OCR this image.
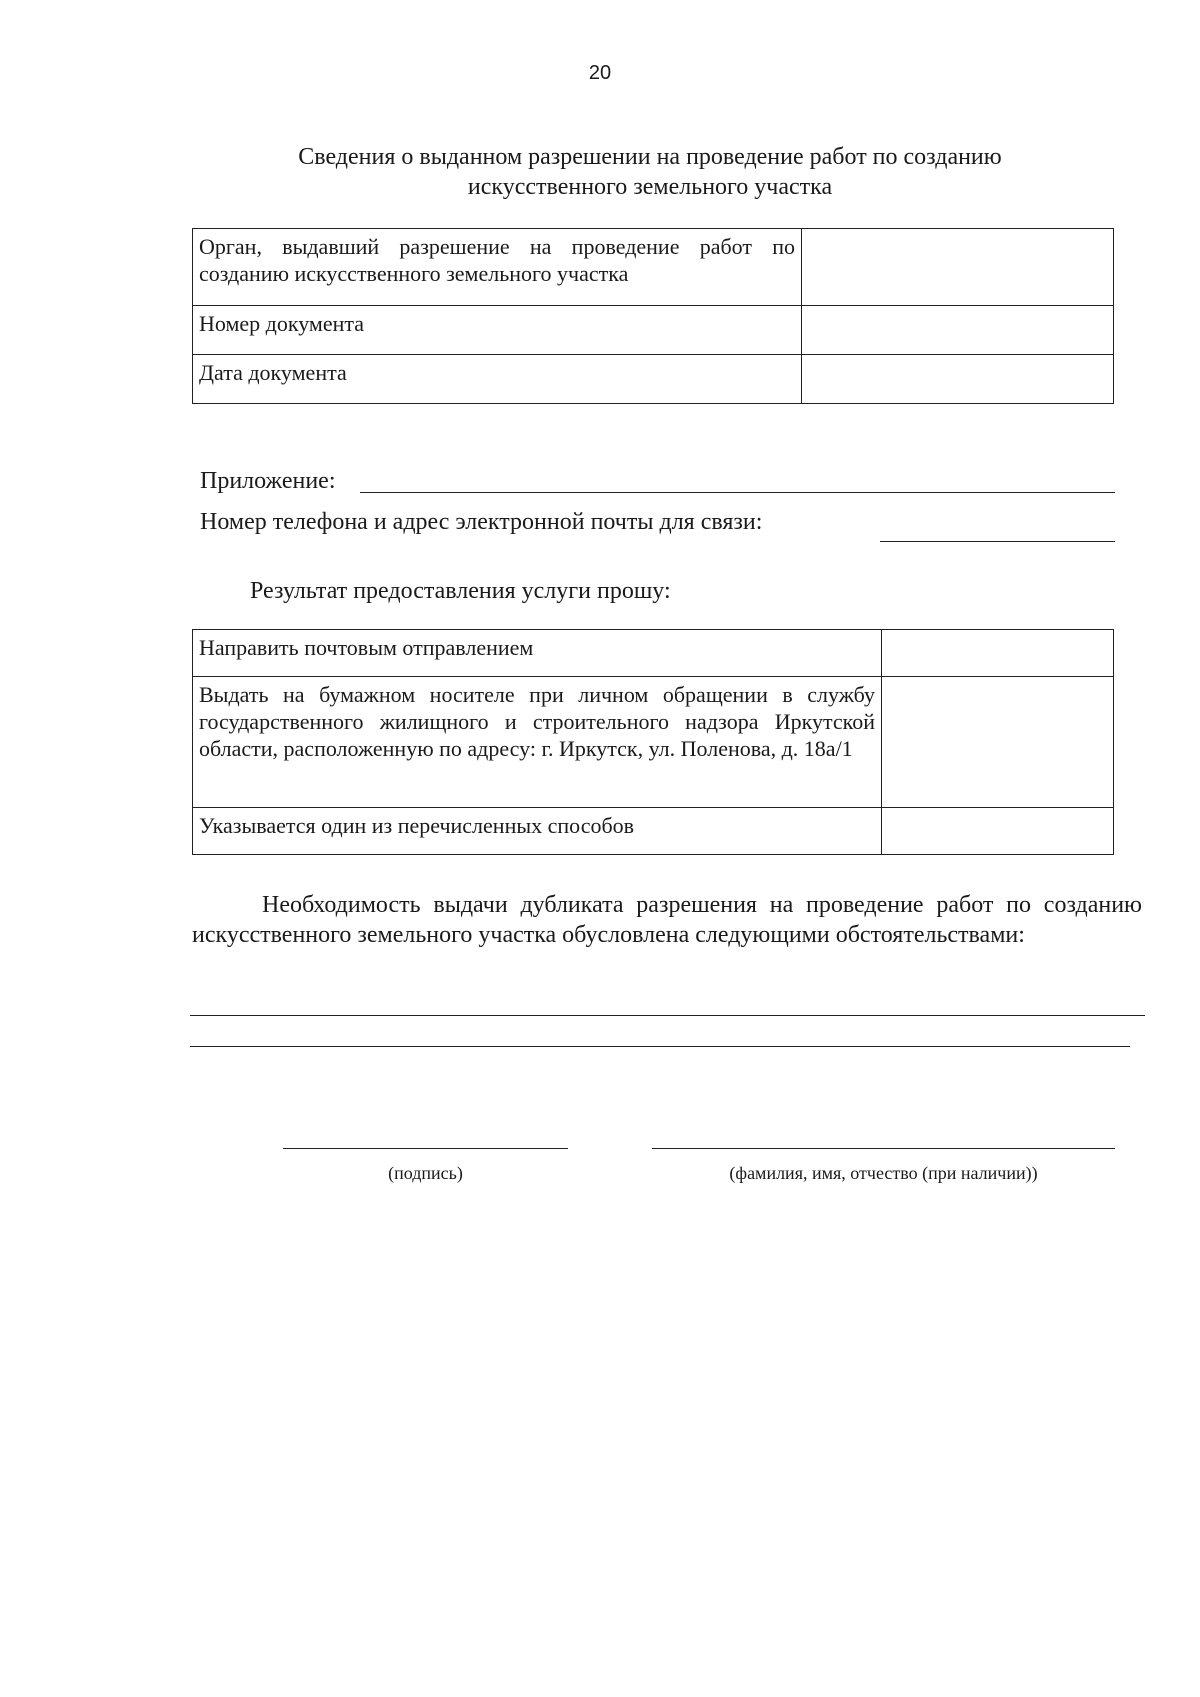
20
Сведения о выданном разрешении на проведение работ по созданию
искусственного земельного участка
Орган, выдавший разрешение на проведение работ по созданию искусственного земельного участка	
Номер документа	
Дата документа	
Приложение:
Номер телефона и адрес электронной почты для связи:
Результат предоставления услуги прошу:
Направить почтовым отправлением	
Выдать на бумажном носителе при личном обращении в службу государственного жилищного и строительного надзора Иркутской области, расположенную по адресу: г. Иркутск, ул. Поленова, д. 18а/1	
Указывается один из перечисленных способов	
Необходимость выдачи дубликата разрешения на проведение работ по созданию искусственного земельного участка обусловлена следующими обстоятельствами:
(подпись)	(фамилия, имя, отчество (при наличии))
